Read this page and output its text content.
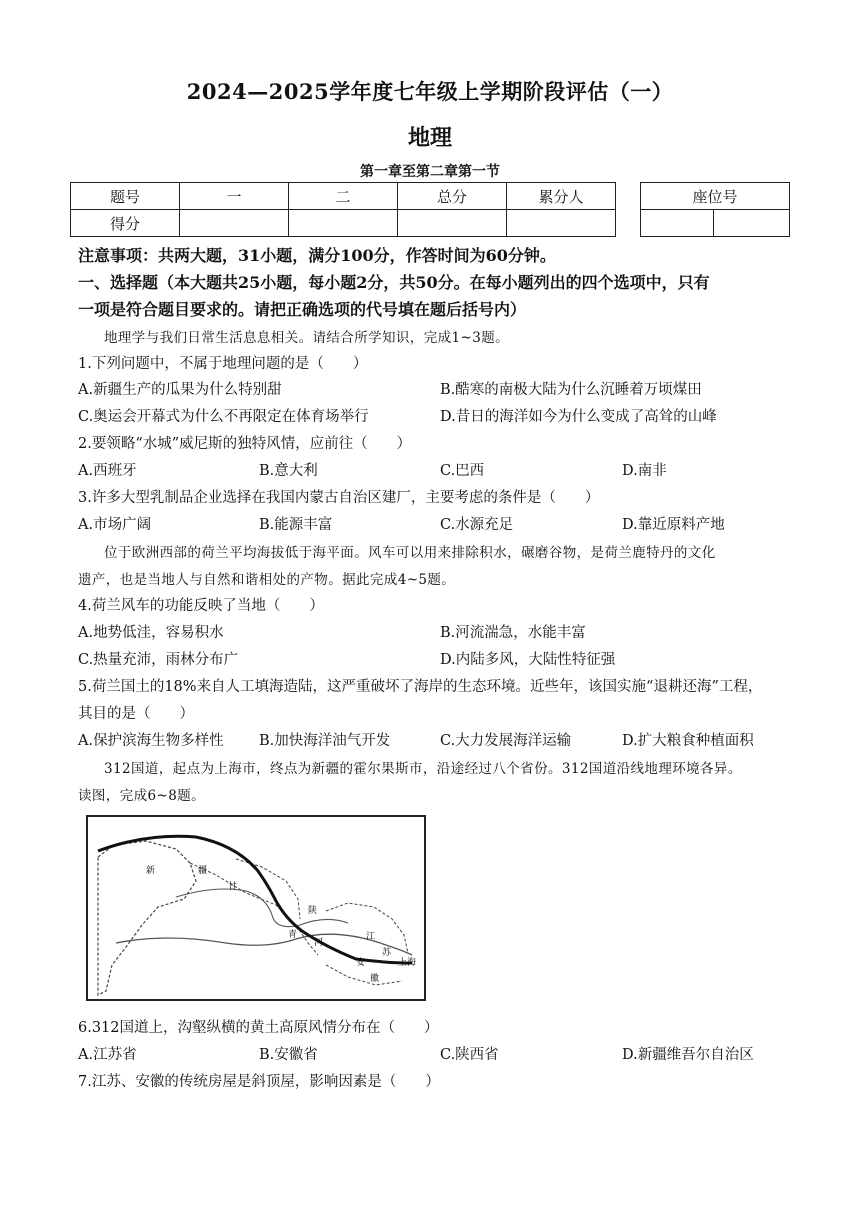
2024—2025学年度七年级上学期阶段评估（一）
地理
第一章至第二章第一节
题号	一	二	总分	累分人
得分				
座位号

注意事项：共两大题，31小题，满分100分，作答时间为60分钟。
一、选择题（本大题共25小题，每小题2分，共50分。在每小题列出的四个选项中，只有
一项是符合题目要求的。请把正确选项的代号填在题后括号内）
地理学与我们日常生活息息相关。请结合所学知识，完成1~3题。
1.下列问题中，不属于地理问题的是（　　）
A.新疆生产的瓜果为什么特别甜	B.酷寒的南极大陆为什么沉睡着万顷煤田
C.奥运会开幕式为什么不再限定在体育场举行	D.昔日的海洋如今为什么变成了高耸的山峰
2.要领略“水城”威尼斯的独特风情，应前往（　　）
A.西班牙	B.意大利	C.巴西	D.南非
3.许多大型乳制品企业选择在我国内蒙古自治区建厂，主要考虑的条件是（　　）
A.市场广阔	B.能源丰富	C.水源充足	D.靠近原料产地
位于欧洲西部的荷兰平均海拔低于海平面。风车可以用来排除积水，碾磨谷物，是荷兰鹿特丹的文化
遗产，也是当地人与自然和谐相处的产物。据此完成4~5题。
4.荷兰风车的功能反映了当地（　　）
A.地势低洼，容易积水	B.河流湍急，水能丰富
C.热量充沛，雨林分布广	D.内陆多风，大陆性特征强
5.荷兰国土的18%来自人工填海造陆，这严重破坏了海岸的生态环境。近些年，该国实施“退耕还海”工程，
其目的是（　　）
A.保护滨海生物多样性 B.加快海洋油气开发	C.大力发展海洋运输	D.扩大粮食种植面积
312国道，起点为上海市，终点为新疆的霍尔果斯市，沿途经过八个省份。312国道沿线地理环境各异。
读图，完成6~8题。
新	疆
甘
陕
青
河
江
苏
上海
安
徽
6.312国道上，沟壑纵横的黄土高原风情分布在（　　）
A.江苏省	B.安徽省	C.陕西省	D.新疆维吾尔自治区
7.江苏、安徽的传统房屋是斜顶屋，影响因素是（　　）
